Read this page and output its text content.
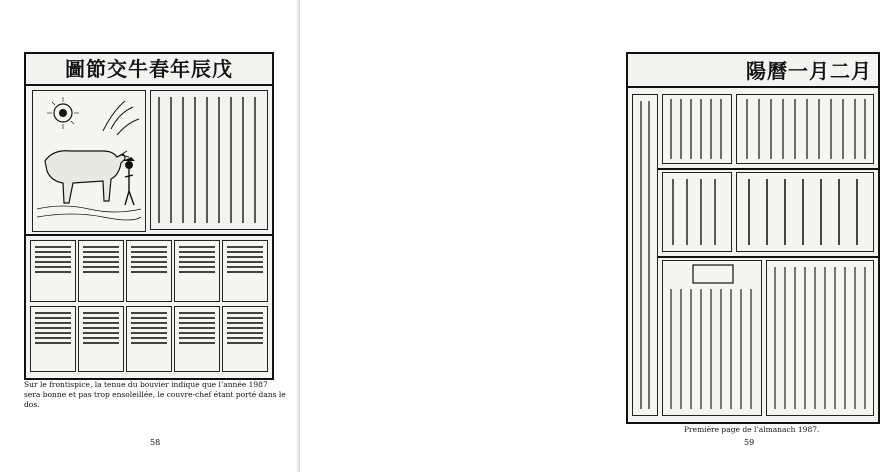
圖節交牛春年辰戊
Sur le frontispice, la tenue du bouvier indique que l’année 1987 sera bonne et pas trop ensoleillée, le couvre-chef étant porté dans le dos.
58
陽曆一月二月
Première page de l’almanach 1987.
59
